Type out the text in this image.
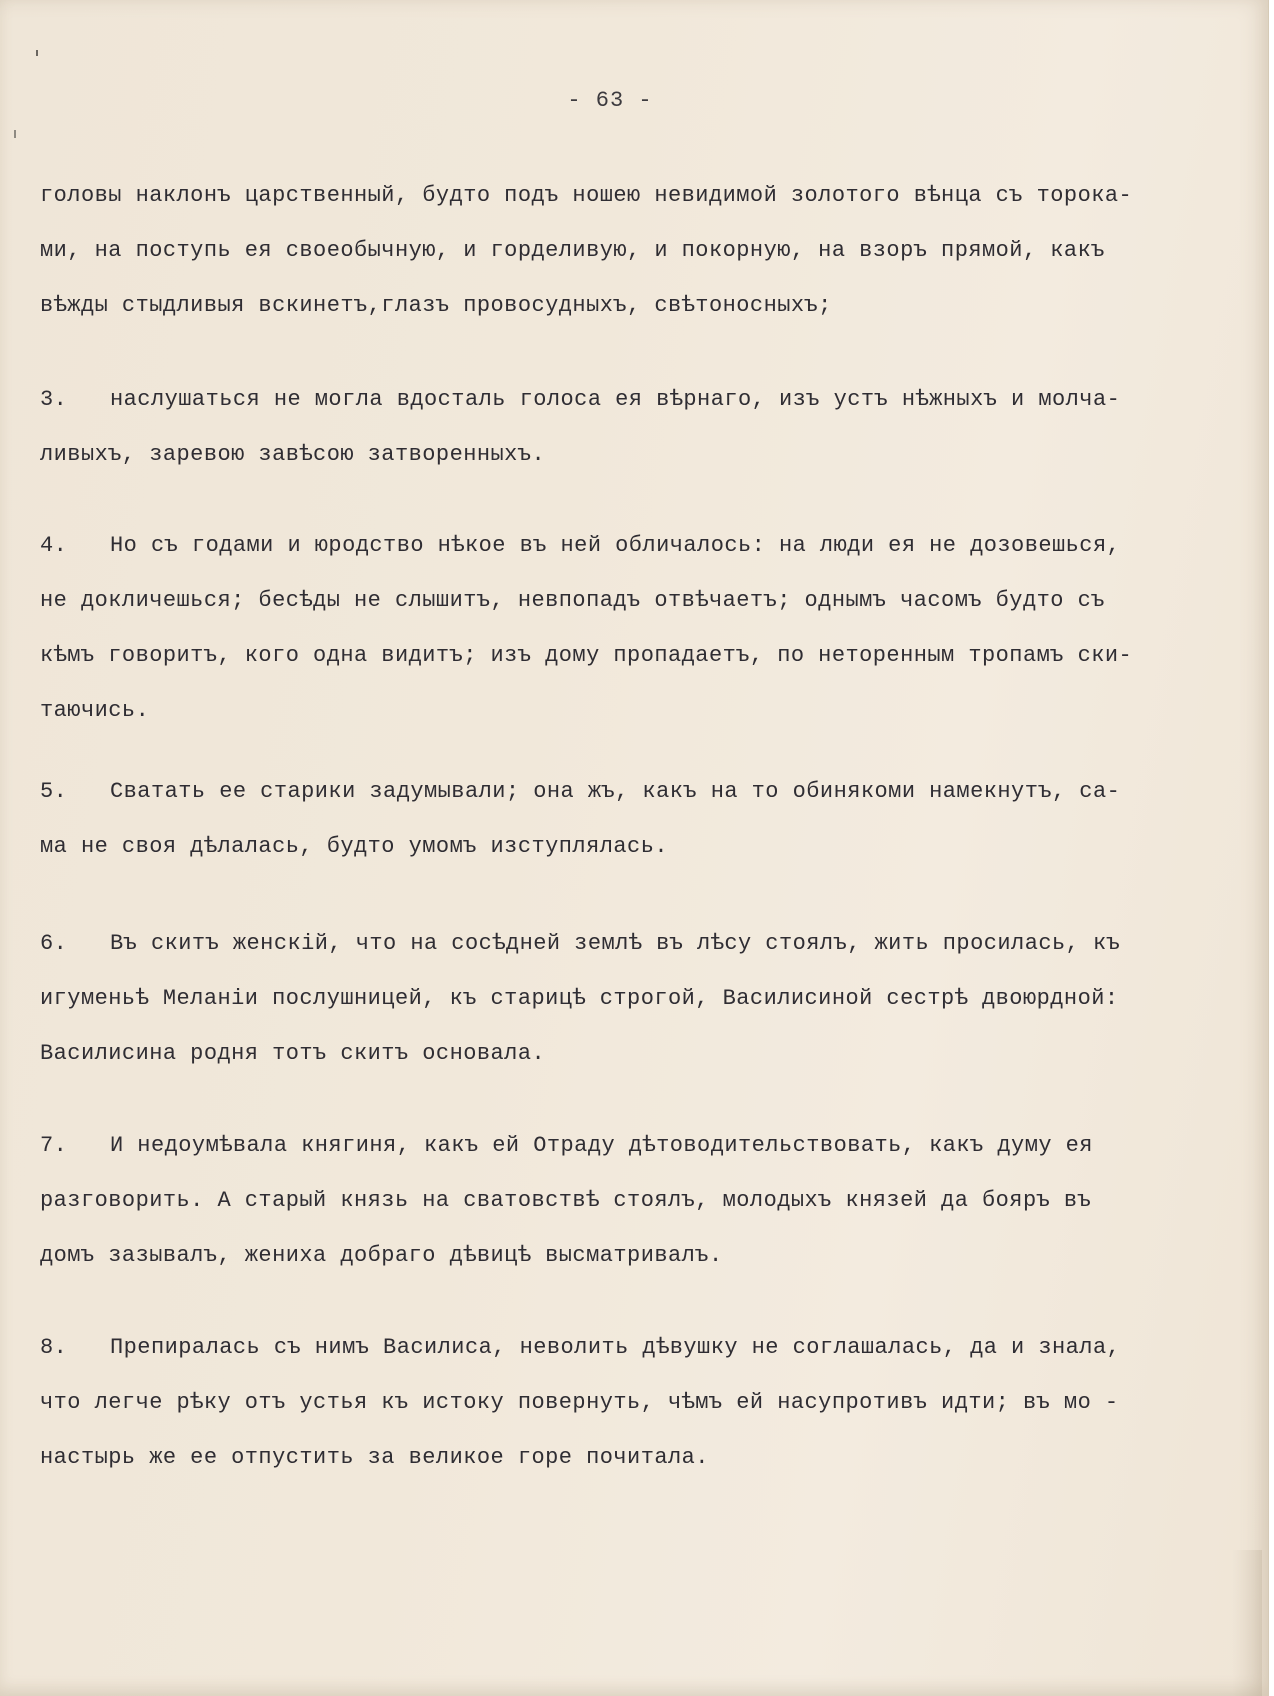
- 63 -
головы наклонъ царственный, будто подъ ношею невидимой золотого вѣнца съ торока-
ми, на поступь ея своеобычную, и горделивую, и покорную, на взоръ прямой, какъ
вѣжды стыдливыя вскинетъ,глазъ провосудныхъ, свѣтоносныхъ;
3. наслушаться не могла вдосталь голоса ея вѣрнаго, изъ устъ нѣжныхъ и молча-
ливыхъ, заревою завѣсою затворенныхъ.
4. Но съ годами и юродство нѣкое въ ней обличалось: на люди ея не дозовешься,
не докличешься; бесѣды не слышитъ, невпопадъ отвѣчаетъ; однымъ часомъ будто съ
кѣмъ говоритъ, кого одна видитъ; изъ дому пропадаетъ, по неторенным тропамъ ски-
таючись.
5. Сватать ее старики задумывали; она жъ, какъ на то обинякоми намекнутъ, са-
ма не своя дѣлалась, будто умомъ изступлялась.
6. Въ скитъ женскiй, что на сосѣдней землѣ въ лѣсу стоялъ, жить просилась, къ
игуменьѣ Меланiи послушницей, къ старицѣ строгой, Василисиной сестрѣ двоюрдной:
Василисина родня тотъ скитъ основала.
7. И недоумѣвала княгиня, какъ ей Отраду дѣтоводительствовать, какъ думу ея
разговорить. А старый князь на сватовствѣ стоялъ, молодыхъ князей да бояръ въ
домъ зазывалъ, жениха добраго дѣвицѣ высматривалъ.
8. Препиралась съ нимъ Василиса, неволить дѣвушку не соглашалась, да и знала,
что легче рѣку отъ устья къ истоку повернуть, чѣмъ ей насупротивъ идти; въ мо -
настырь же ее отпустить за великое горе почитала.
